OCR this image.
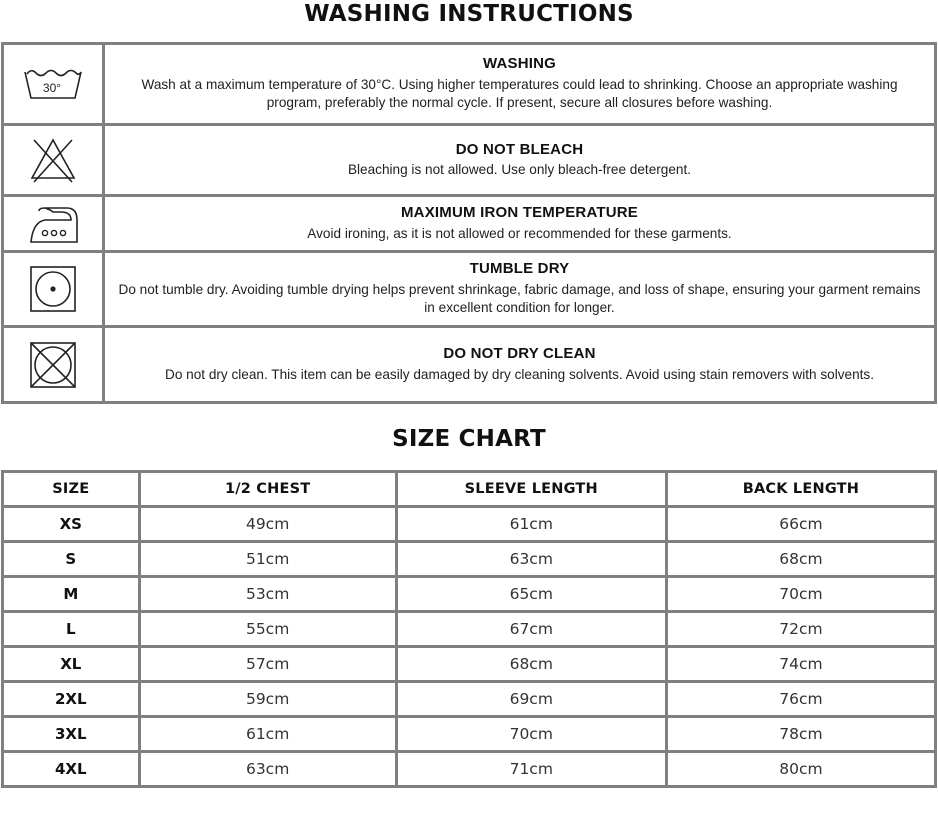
WASHING INSTRUCTIONS
30°	WASHING
Wash at a maximum temperature of 30°C. Using higher temperatures could lead to shrinking. Choose an appropriate washing program, preferably the normal cycle. If present, secure all closures before washing.

DO NOT BLEACH
Bleaching is not allowed. Use only bleach-free detergent.

MAXIMUM IRON TEMPERATURE
Avoid ironing, as it is not allowed or recommended for these garments.

TUMBLE DRY
Do not tumble dry. Avoiding tumble drying helps prevent shrinkage, fabric damage, and loss of shape, ensuring your garment remains in excellent condition for longer.

DO NOT DRY CLEAN
Do not dry clean. This item can be easily damaged by dry cleaning solvents. Avoid using stain removers with solvents.
SIZE CHART
SIZE	1/2 CHEST	SLEEVE LENGTH	BACK LENGTH
XS	49cm	61cm	66cm
S	51cm	63cm	68cm
M	53cm	65cm	70cm
L	55cm	67cm	72cm
XL	57cm	68cm	74cm
2XL	59cm	69cm	76cm
3XL	61cm	70cm	78cm
4XL	63cm	71cm	80cm
